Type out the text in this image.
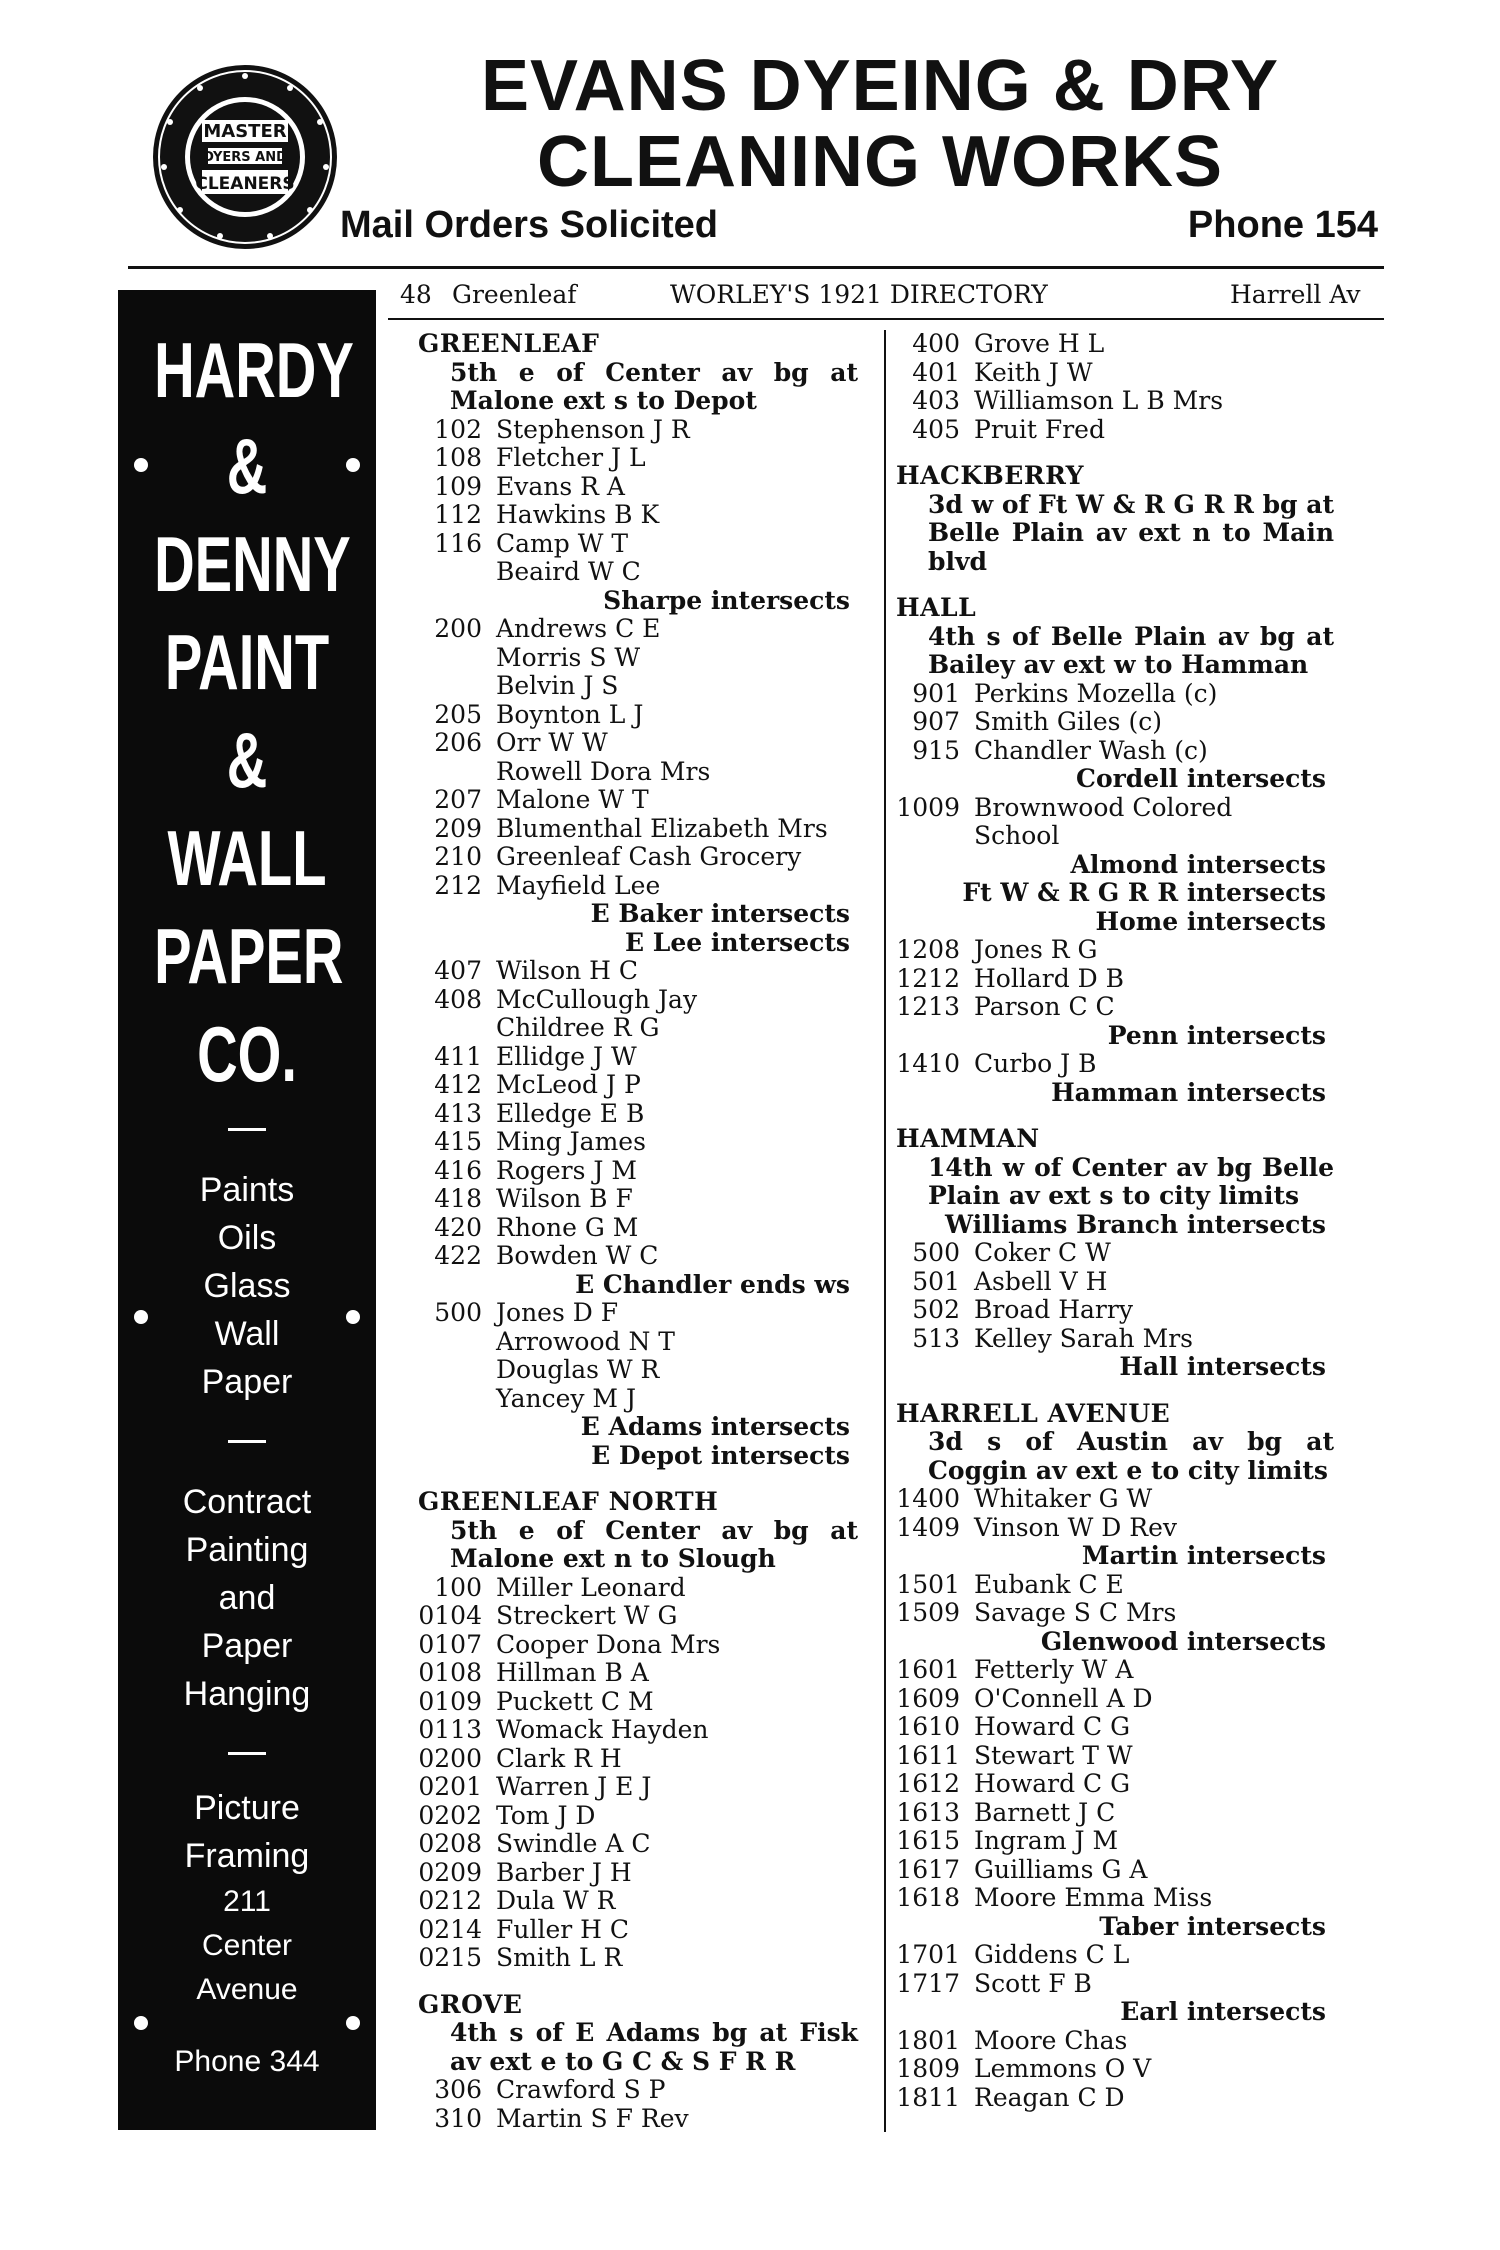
MASTER
DYERS AND
CLEANERS
EVANS DYEING & DRY
CLEANING WORKS
Mail Orders Solicited	Phone 154
48 Greenleaf	WORLEY'S 1921 DIRECTORY	Harrell Av
HARDY
&
DENNY
PAINT
&
WALL
PAPER
CO.
Paints
Oils
Glass
Wall
Paper
Contract
Painting
and
Paper
Hanging
Picture
Framing
211
Center
Avenue
Phone 344
GREENLEAF
5th e of Center av bg at Malone ext s to Depot
102 Stephenson J R
108 Fletcher J L
109 Evans R A
112 Hawkins B K
116 Camp W T
Beaird W C
Sharpe intersects
200 Andrews C E
Morris S W
Belvin J S
205 Boynton L J
206 Orr W W
Rowell Dora Mrs
207 Malone W T
209 Blumenthal Elizabeth Mrs
210 Greenleaf Cash Grocery
212 Mayfield Lee
E Baker intersects
E Lee intersects
407 Wilson H C
408 McCullough Jay
Childree R G
411 Ellidge J W
412 McLeod J P
413 Elledge E B
415 Ming James
416 Rogers J M
418 Wilson B F
420 Rhone G M
422 Bowden W C
E Chandler ends ws
500 Jones D F
Arrowood N T
Douglas W R
Yancey M J
E Adams intersects
E Depot intersects
GREENLEAF NORTH
5th e of Center av bg at Malone ext n to Slough
100 Miller Leonard
0104 Streckert W G
0107 Cooper Dona Mrs
0108 Hillman B A
0109 Puckett C M
0113 Womack Hayden
0200 Clark R H
0201 Warren J E J
0202 Tom J D
0208 Swindle A C
0209 Barber J H
0212 Dula W R
0214 Fuller H C
0215 Smith L R
GROVE
4th s of E Adams bg at Fisk av ext e to G C & S F R R
306 Crawford S P
310 Martin S F Rev
400 Grove H L
401 Keith J W
403 Williamson L B Mrs
405 Pruit Fred
HACKBERRY
3d w of Ft W & R G R R bg at Belle Plain av ext n to Main blvd
HALL
4th s of Belle Plain av bg at Bailey av ext w to Hamman
901 Perkins Mozella (c)
907 Smith Giles (c)
915 Chandler Wash (c)
Cordell intersects
1009 Brownwood Colored
School
Almond intersects
Ft W & R G R R intersects
Home intersects
1208 Jones R G
1212 Hollard D B
1213 Parson C C
Penn intersects
1410 Curbo J B
Hamman intersects
HAMMAN
14th w of Center av bg Belle Plain av ext s to city limits
Williams Branch intersects
500 Coker C W
501 Asbell V H
502 Broad Harry
513 Kelley Sarah Mrs
Hall intersects
HARRELL AVENUE
3d s of Austin av bg at Coggin av ext e to city limits
1400 Whitaker G W
1409 Vinson W D Rev
Martin intersects
1501 Eubank C E
1509 Savage S C Mrs
Glenwood intersects
1601 Fetterly W A
1609 O'Connell A D
1610 Howard C G
1611 Stewart T W
1612 Howard C G
1613 Barnett J C
1615 Ingram J M
1617 Guilliams G A
1618 Moore Emma Miss
Taber intersects
1701 Giddens C L
1717 Scott F B
Earl intersects
1801 Moore Chas
1809 Lemmons O V
1811 Reagan C D
